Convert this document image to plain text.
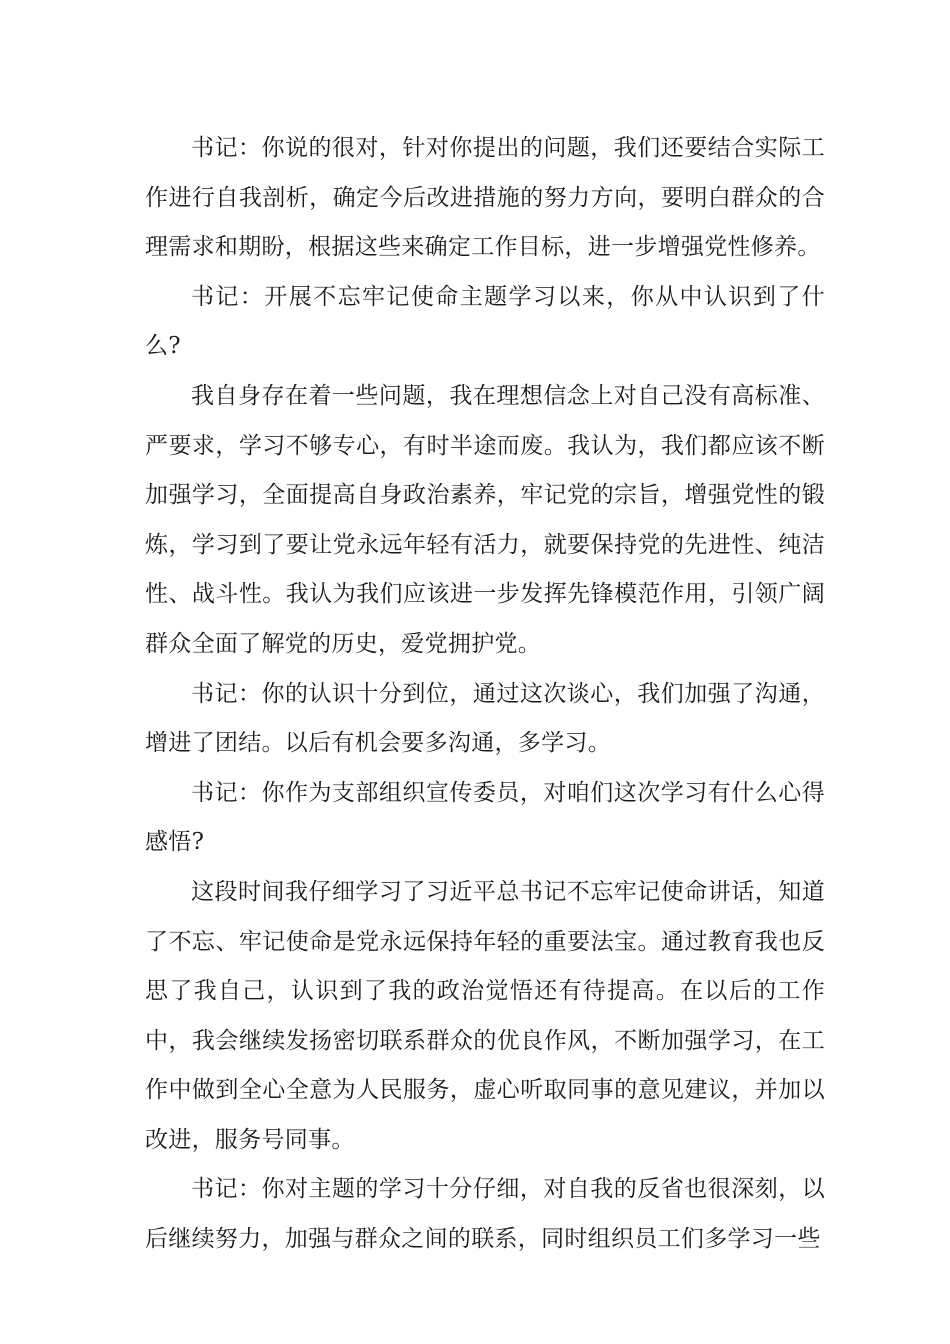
书记：你说的很对，针对你提出的问题，我们还要结合实际工作进行自我剖析，确定今后改进措施的努力方向，要明白群众的合理需求和期盼，根据这些来确定工作目标，进一步增强党性修养。

书记：开展不忘牢记使命主题学习以来，你从中认识到了什么?

我自身存在着一些问题，我在理想信念上对自己没有高标准、严要求，学习不够专心，有时半途而废。我认为，我们都应该不断加强学习，全面提高自身政治素养，牢记党的宗旨，增强党性的锻炼，学习到了要让党永远年轻有活力，就要保持党的先进性、纯洁性、战斗性。我认为我们应该进一步发挥先锋模范作用，引领广阔群众全面了解党的历史，爱党拥护党。

书记：你的认识十分到位，通过这次谈心，我们加强了沟通，增进了团结。以后有机会要多沟通，多学习。

书记：你作为支部组织宣传委员，对咱们这次学习有什么心得感悟?

这段时间我仔细学习了习近平总书记不忘牢记使命讲话，知道了不忘、牢记使命是党永远保持年轻的重要法宝。通过教育我也反思了我自己，认识到了我的政治觉悟还有待提高。在以后的工作中，我会继续发扬密切联系群众的优良作风，不断加强学习，在工作中做到全心全意为人民服务，虚心听取同事的意见建议，并加以改进，服务号同事。

书记：你对主题的学习十分仔细，对自我的反省也很深刻，以后继续努力，加强与群众之间的联系，同时组织员工们多学习一些
